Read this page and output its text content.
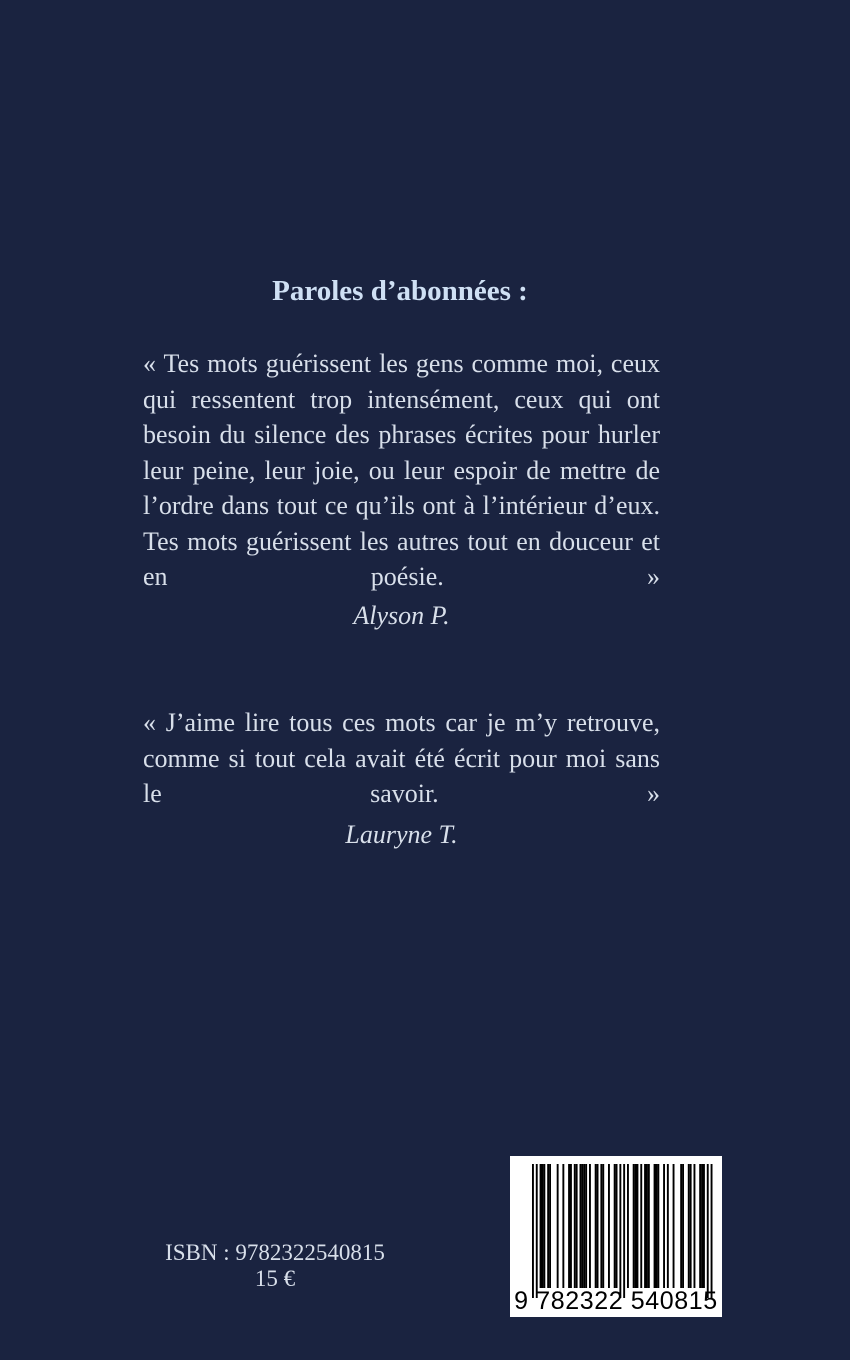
Paroles d’abonnées :
« Tes mots guérissent les gens comme moi, ceux qui ressentent trop intensément, ceux qui ont besoin du silence des phrases écrites pour hurler leur peine, leur joie, ou leur espoir de mettre de l’ordre dans tout ce qu’ils ont à l’intérieur d’eux. Tes mots guérissent les autres tout en douceur et en poésie. »
Alyson P.
« J’aime lire tous ces mots car je m’y retrouve, comme si tout cela avait été écrit pour moi sans le savoir. »
Lauryne T.
ISBN : 9782322540815
15 €
9 782322 540815
